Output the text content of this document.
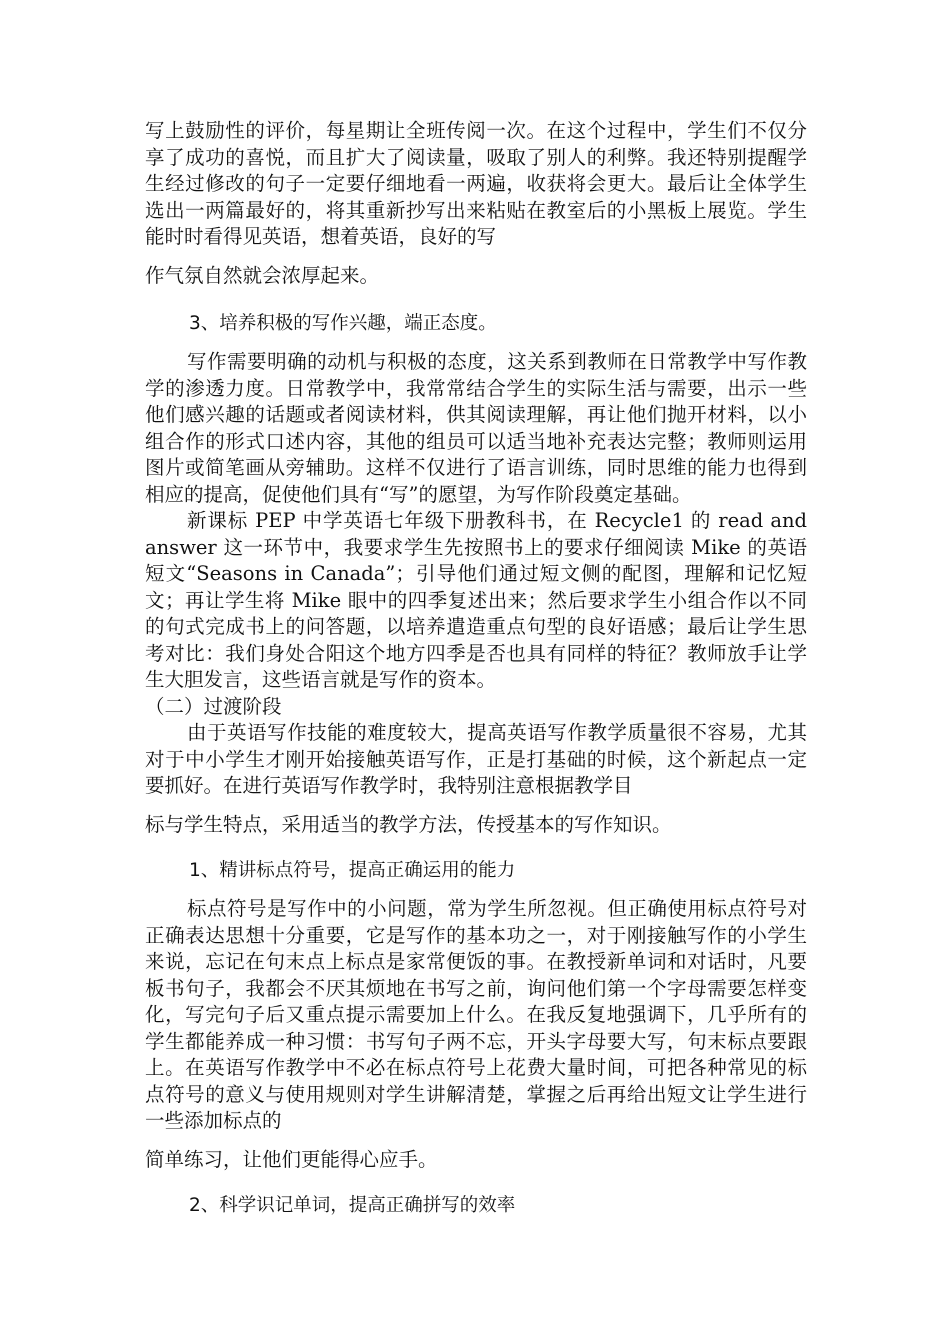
写上鼓励性的评价，每星期让全班传阅一次。在这个过程中，学生们不仅分享了成功的喜悦，而且扩大了阅读量，吸取了别人的利弊。我还特别提醒学生经过修改的句子一定要仔细地看一两遍，收获将会更大。最后让全体学生选出一两篇最好的，将其重新抄写出来粘贴在教室后的小黑板上展览。学生能时时看得见英语，想着英语，良好的写

作气氛自然就会浓厚起来。

3、培养积极的写作兴趣，端正态度。

写作需要明确的动机与积极的态度，这关系到教师在日常教学中写作教学的渗透力度。日常教学中，我常常结合学生的实际生活与需要，出示一些他们感兴趣的话题或者阅读材料，供其阅读理解，再让他们抛开材料，以小组合作的形式口述内容，其他的组员可以适当地补充表达完整；教师则运用图片或简笔画从旁辅助。这样不仅进行了语言训练，同时思维的能力也得到相应的提高，促使他们具有“写”的愿望，为写作阶段奠定基础。

新课标 PEP 中学英语七年级下册教科书，在 Recycle1 的 read and answer 这一环节中，我要求学生先按照书上的要求仔细阅读 Mike 的英语短文“Seasons in Canada”；引导他们通过短文侧的配图，理解和记忆短文；再让学生将 Mike 眼中的四季复述出来；然后要求学生小组合作以不同的句式完成书上的问答题，以培养遣造重点句型的良好语感；最后让学生思考对比：我们身处合阳这个地方四季是否也具有同样的特征？教师放手让学生大胆发言，这些语言就是写作的资本。

（二）过渡阶段

由于英语写作技能的难度较大，提高英语写作教学质量很不容易，尤其对于中小学生才刚开始接触英语写作，正是打基础的时候，这个新起点一定要抓好。在进行英语写作教学时，我特别注意根据教学目

标与学生特点，采用适当的教学方法，传授基本的写作知识。

1、精讲标点符号，提高正确运用的能力

标点符号是写作中的小问题，常为学生所忽视。但正确使用标点符号对正确表达思想十分重要，它是写作的基本功之一，对于刚接触写作的小学生来说，忘记在句末点上标点是家常便饭的事。在教授新单词和对话时，凡要板书句子，我都会不厌其烦地在书写之前，询问他们第一个字母需要怎样变化，写完句子后又重点提示需要加上什么。在我反复地强调下，几乎所有的学生都能养成一种习惯：书写句子两不忘，开头字母要大写，句末标点要跟上。在英语写作教学中不必在标点符号上花费大量时间，可把各种常见的标点符号的意义与使用规则对学生讲解清楚，掌握之后再给出短文让学生进行一些添加标点的

简单练习，让他们更能得心应手。

2、科学识记单词，提高正确拼写的效率
